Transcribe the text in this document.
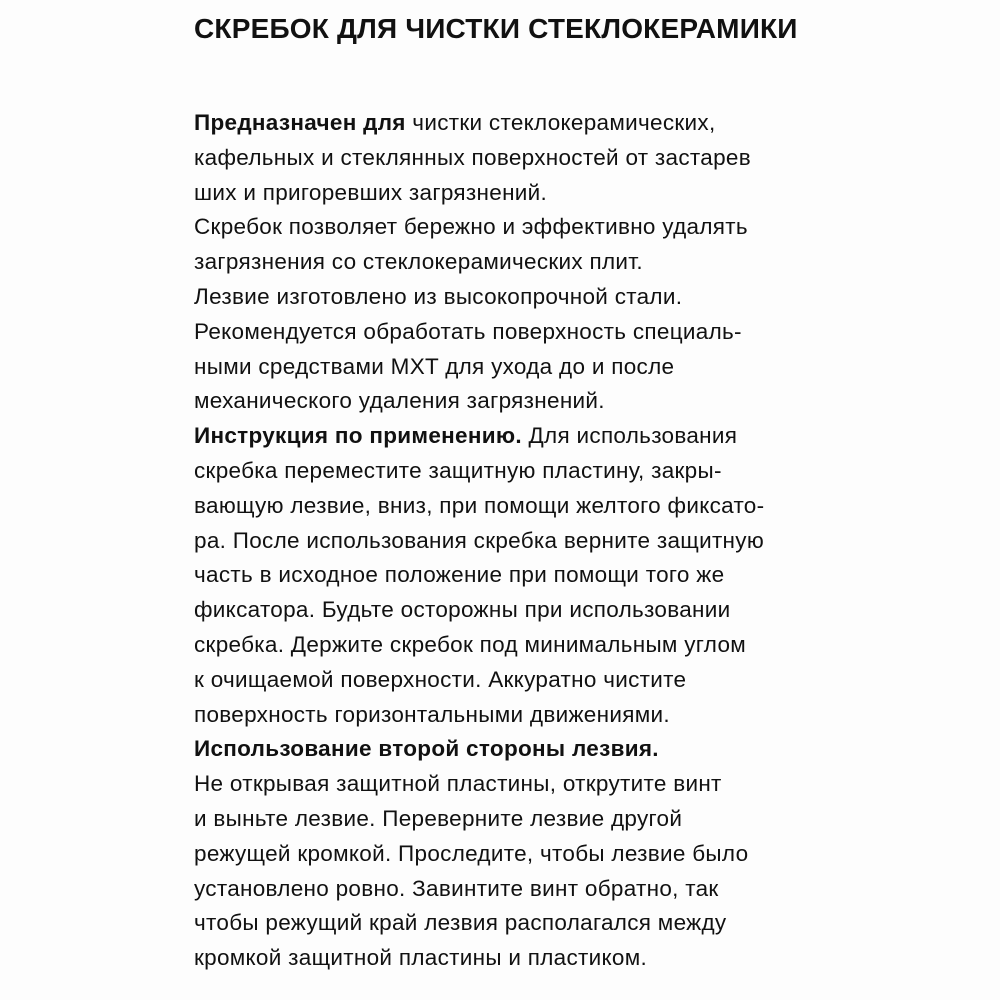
СКРЕБОК ДЛЯ ЧИСТКИ СТЕКЛОКЕРАМИКИ
Предназначен для чистки стеклокерамических,
кафельных и стеклянных поверхностей от застарев
ших и пригоревших загрязнений.
Скребок позволяет бережно и эффективно удалять
загрязнения со стеклокерамических плит.
Лезвие изготовлено из высокопрочной стали.
Рекомендуется обработать поверхность специаль-
ными средствами MXT для ухода до и после
механического удаления загрязнений.
Инструкция по применению. Для использования
скребка переместите защитную пластину, закры-
вающую лезвие, вниз, при помощи желтого фиксато-
ра. После использования скребка верните защитную
часть в исходное положение при помощи того же
фиксатора. Будьте осторожны при использовании
скребка. Держите скребок под минимальным углом
к очищаемой поверхности. Аккуратно чистите
поверхность горизонтальными движениями.
Использование второй стороны лезвия.
Не открывая защитной пластины, открутите винт
и выньте лезвие. Переверните лезвие другой
режущей кромкой. Проследите, чтобы лезвие было
установлено ровно. Завинтите винт обратно, так
чтобы режущий край лезвия располагался между
кромкой защитной пластины и пластиком.
